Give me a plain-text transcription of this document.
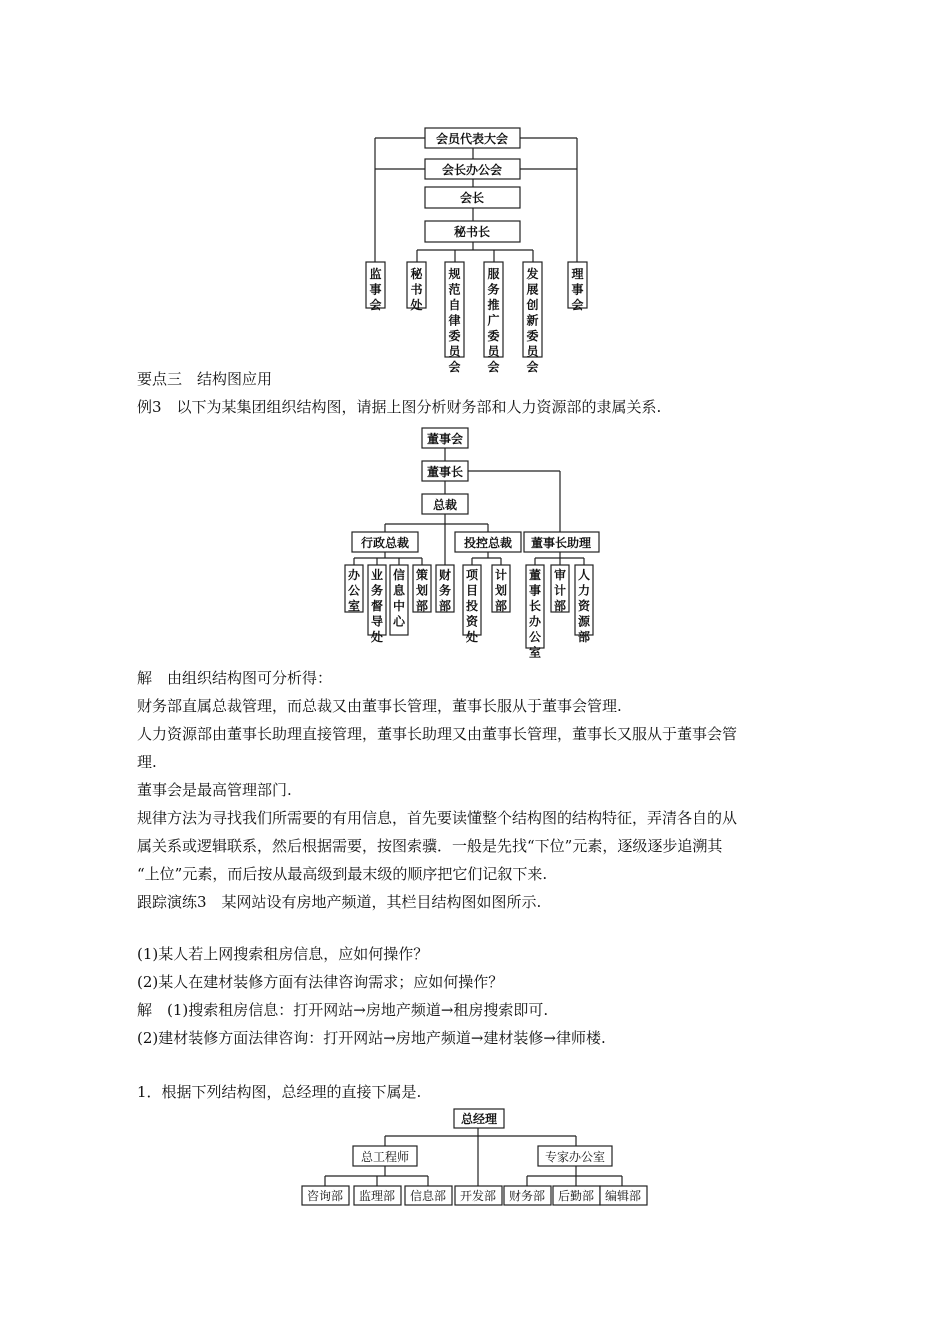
会员代表大会
会长办公会
会长
秘书长
董事会
董事长
总裁
行政总裁	投控总裁 董事长助理
总经理
总工程师	专家办公室
咨询部 监理部 信息部 开发部 财务部 后勤部 编辑部
监事会
秘书处
规范自律委员会
服务推广委员会
发展创新委员会
理事会
办公室
业务督导处
信息中心
策划部
财务部
项目投资处
计划部
董事长办公室
审计部
人力资源部
要点三　结构图应用
例3　以下为某集团组织结构图，请据上图分析财务部和人力资源部的隶属关系.
解　由组织结构图可分析得：
财务部直属总裁管理，而总裁又由董事长管理，董事长服从于董事会管理.
人力资源部由董事长助理直接管理，董事长助理又由董事长管理，董事长又服从于董事会管
理.
董事会是最高管理部门.
规律方法为寻找我们所需要的有用信息，首先要读懂整个结构图的结构特征，弄清各自的从
属关系或逻辑联系，然后根据需要，按图索骥．一般是先找“下位”元素，逐级逐步追溯其
“上位”元素，而后按从最高级到最末级的顺序把它们记叙下来.
跟踪演练3　某网站设有房地产频道，其栏目结构图如图所示.
(1)某人若上网搜索租房信息，应如何操作？
(2)某人在建材装修方面有法律咨询需求；应如何操作？
解　(1)搜索租房信息：打开网站→房地产频道→租房搜索即可.
(2)建材装修方面法律咨询：打开网站→房地产频道→建材装修→律师楼.
1．根据下列结构图，总经理的直接下属是.
